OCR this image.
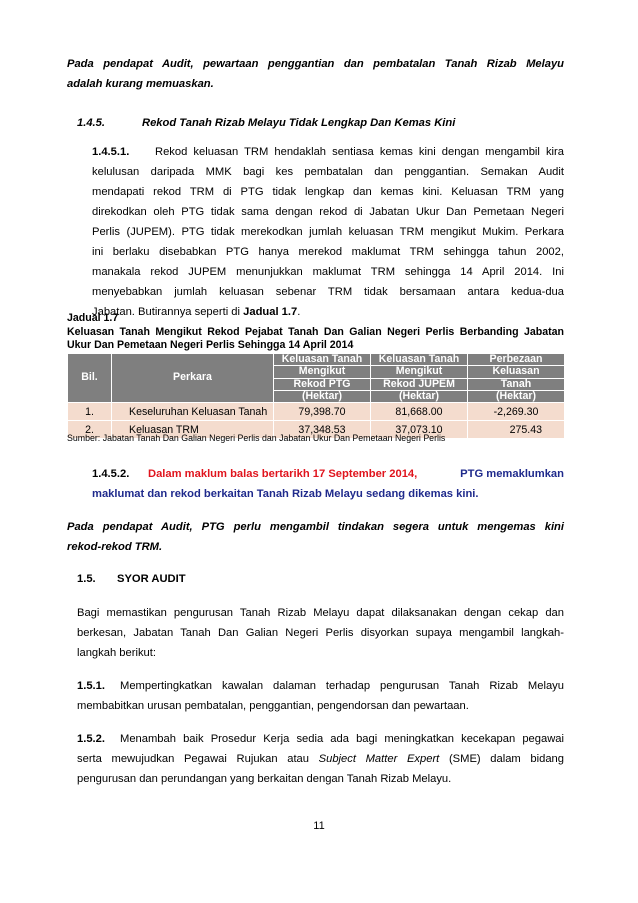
Pada pendapat Audit, pewartaan penggantian dan pembatalan Tanah Rizab Melayu
adalah kurang memuaskan.
1.4.5.	Rekod Tanah Rizab Melayu Tidak Lengkap Dan Kemas Kini
1.4.5.1. Rekod keluasan TRM hendaklah sentiasa kemas kini dengan mengambil kira
kelulusan daripada MMK bagi kes pembatalan dan penggantian. Semakan Audit
mendapati rekod TRM di PTG tidak lengkap dan kemas kini. Keluasan TRM yang
direkodkan oleh PTG tidak sama dengan rekod di Jabatan Ukur Dan Pemetaan Negeri
Perlis (JUPEM). PTG tidak merekodkan jumlah keluasan TRM mengikut Mukim. Perkara
ini berlaku disebabkan PTG hanya merekod maklumat TRM sehingga tahun 2002,
manakala rekod JUPEM menunjukkan maklumat TRM sehingga 14 April 2014. Ini
menyebabkan jumlah keluasan sebenar TRM tidak bersamaan antara kedua-dua
Jabatan. Butirannya seperti di Jadual 1.7.
Jadual 1.7
Keluasan Tanah Mengikut Rekod Pejabat Tanah Dan Galian Negeri Perlis Berbanding Jabatan
Ukur Dan Pemetaan Negeri Perlis Sehingga 14 April 2014
Bil.	Perkara	Keluasan Tanah	Keluasan Tanah	Perbezaan
		Mengikut	Mengikut	Keluasan
		Rekod PTG	Rekod JUPEM	Tanah
		(Hektar)	(Hektar)	(Hektar)
1.	Keseluruhan Keluasan Tanah	79,398.70	81,668.00	-2,269.30
2.	Keluasan TRM	37,348.53	37,073.10	275.43
Sumber: Jabatan Tanah Dan Galian Negeri Perlis dan Jabatan Ukur Dan Pemetaan Negeri Perlis
1.4.5.2. Dalam maklum balas bertarikh 17 September 2014,	PTG memaklumkan
maklumat dan rekod berkaitan Tanah Rizab Melayu sedang dikemas kini.
Pada pendapat Audit, PTG perlu mengambil tindakan segera untuk mengemas kini
rekod-rekod TRM.
1.5. SYOR AUDIT
Bagi memastikan pengurusan Tanah Rizab Melayu dapat dilaksanakan dengan cekap dan
berkesan, Jabatan Tanah Dan Galian Negeri Perlis disyorkan supaya mengambil langkah-
langkah berikut:
1.5.1. Mempertingkatkan kawalan dalaman terhadap pengurusan Tanah Rizab Melayu
membabitkan urusan pembatalan, penggantian, pengendorsan dan pewartaan.
1.5.2. Menambah baik Prosedur Kerja sedia ada bagi meningkatkan kecekapan pegawai
serta mewujudkan Pegawai Rujukan atau Subject Matter Expert (SME) dalam bidang
pengurusan dan perundangan yang berkaitan dengan Tanah Rizab Melayu.
11
